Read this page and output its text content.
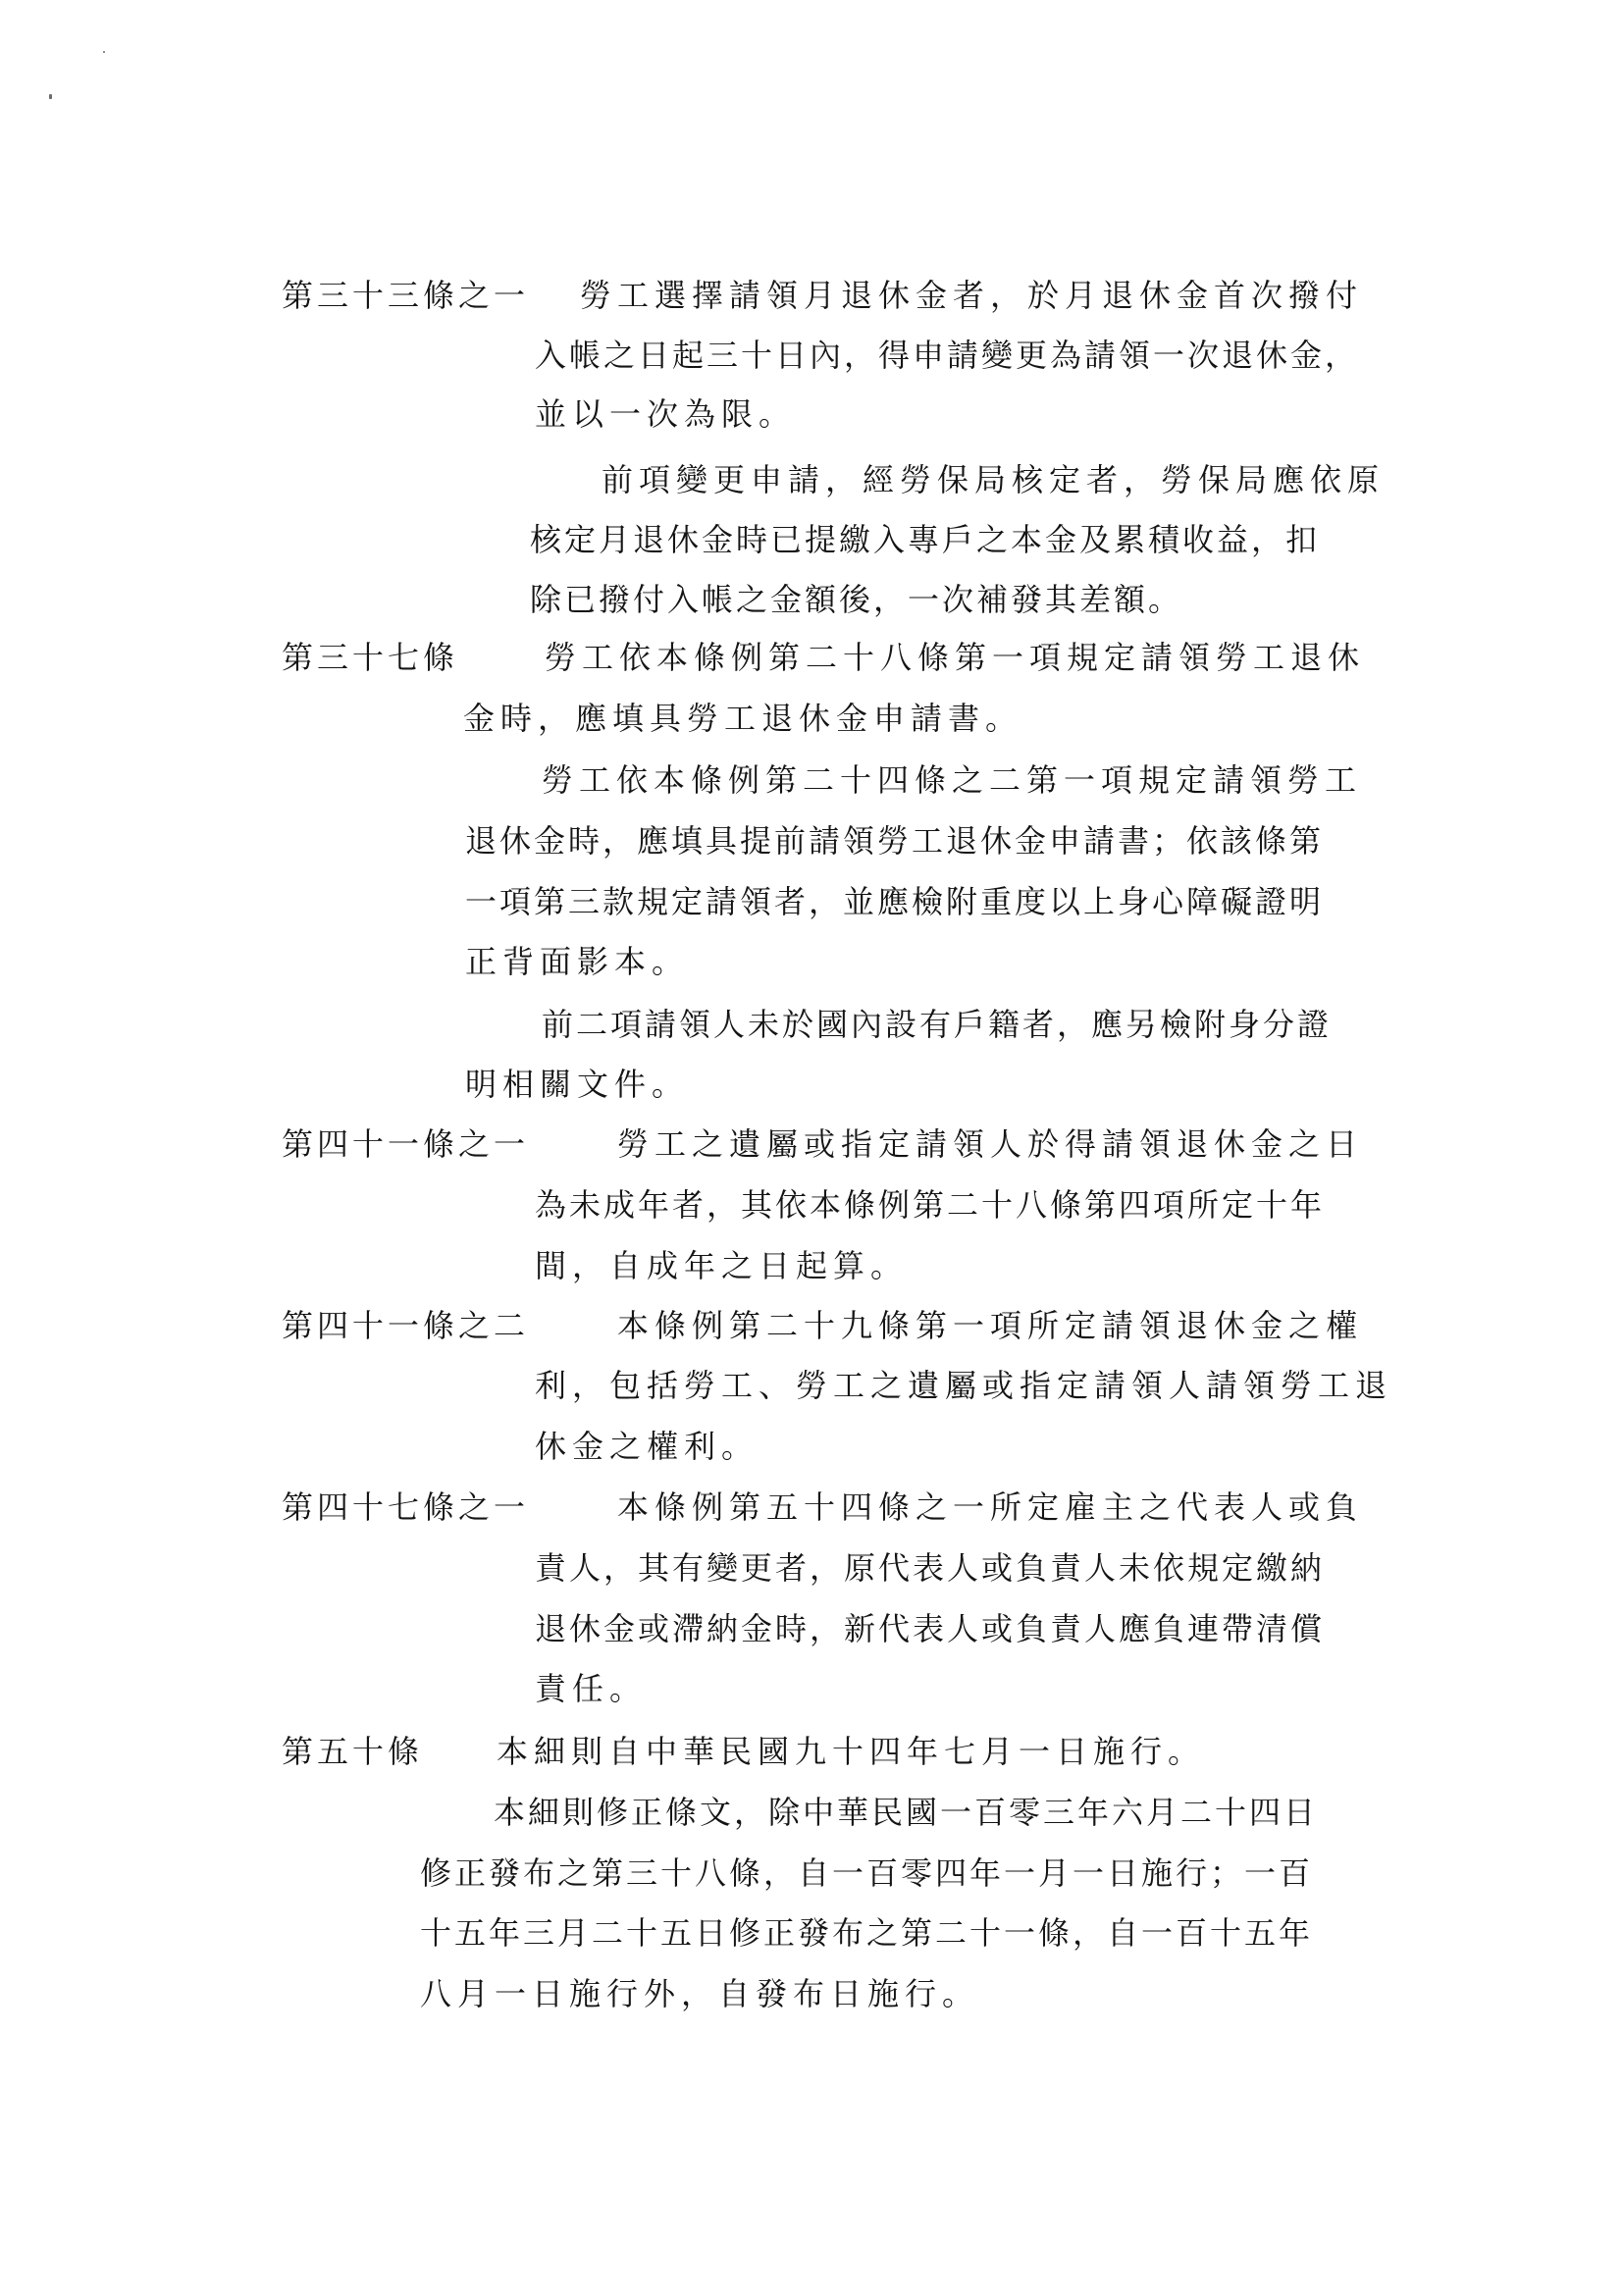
第三十三條之一 勞工選擇請領月退休金者，於月退休金首次撥付
入帳之日起三十日內，得申請變更為請領一次退休金，
並以一次為限。
前項變更申請，經勞保局核定者，勞保局應依原
核定月退休金時已提繳入專戶之本金及累積收益，扣
除已撥付入帳之金額後，一次補發其差額。
第三十七條	勞工依本條例第二十八條第一項規定請領勞工退休
金時，應填具勞工退休金申請書。
勞工依本條例第二十四條之二第一項規定請領勞工
退休金時，應填具提前請領勞工退休金申請書；依該條第
一項第三款規定請領者，並應檢附重度以上身心障礙證明
正背面影本。
前二項請領人未於國內設有戶籍者，應另檢附身分證
明相關文件。
第四十一條之一	勞工之遺屬或指定請領人於得請領退休金之日
為未成年者，其依本條例第二十八條第四項所定十年
間，自成年之日起算。
第四十一條之二	本條例第二十九條第一項所定請領退休金之權
利，包括勞工、勞工之遺屬或指定請領人請領勞工退
休金之權利。
第四十七條之一	本條例第五十四條之一所定雇主之代表人或負
責人，其有變更者，原代表人或負責人未依規定繳納
退休金或滯納金時，新代表人或負責人應負連帶清償
責任。
第五十條 本細則自中華民國九十四年七月一日施行。
本細則修正條文，除中華民國一百零三年六月二十四日
修正發布之第三十八條，自一百零四年一月一日施行；一百
十五年三月二十五日修正發布之第二十一條，自一百十五年
八月一日施行外，自發布日施行。
